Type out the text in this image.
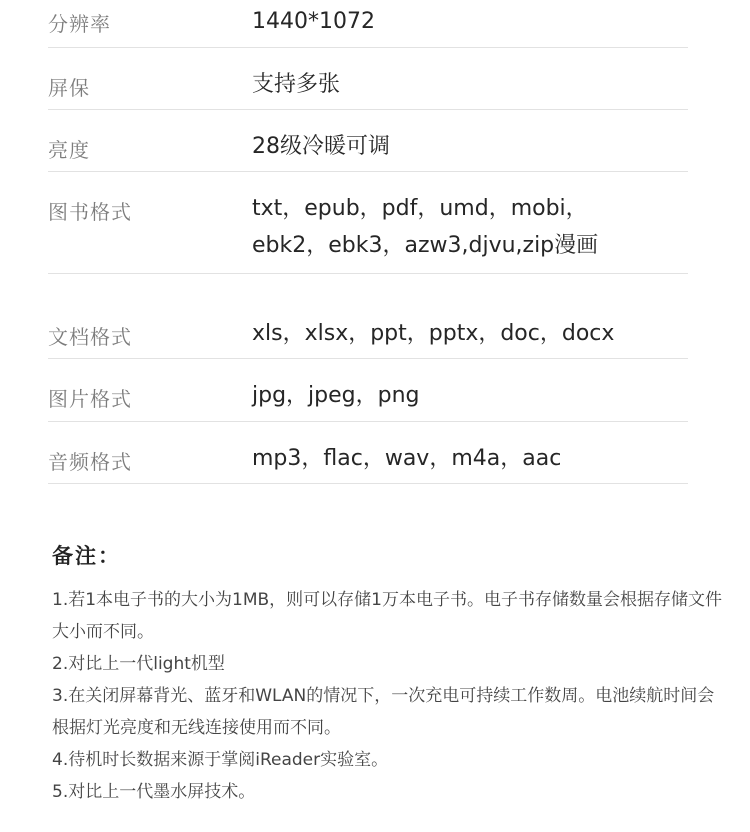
分辨率	1440*1072
屏保	支持多张
亮度	28级冷暖可调
图书格式	txt，epub，pdf，umd，mobi，
ebk2，ebk3，azw3,djvu,zip漫画
文档格式	xls，xlsx，ppt，pptx，doc，docx
图片格式	jpg，jpeg，png
音频格式	mp3，flac，wav，m4a，aac

备注：

1.若1本电子书的大小为1MB，则可以存储1万本电子书。电子书存储数量会根据存储文件大小而不同。

2.对比上一代light机型

3.在关闭屏幕背光、蓝牙和WLAN的情况下，一次充电可持续工作数周。电池续航时间会根据灯光亮度和无线连接使用而不同。

4.待机时长数据来源于掌阅iReader实验室。

5.对比上一代墨水屏技术。
